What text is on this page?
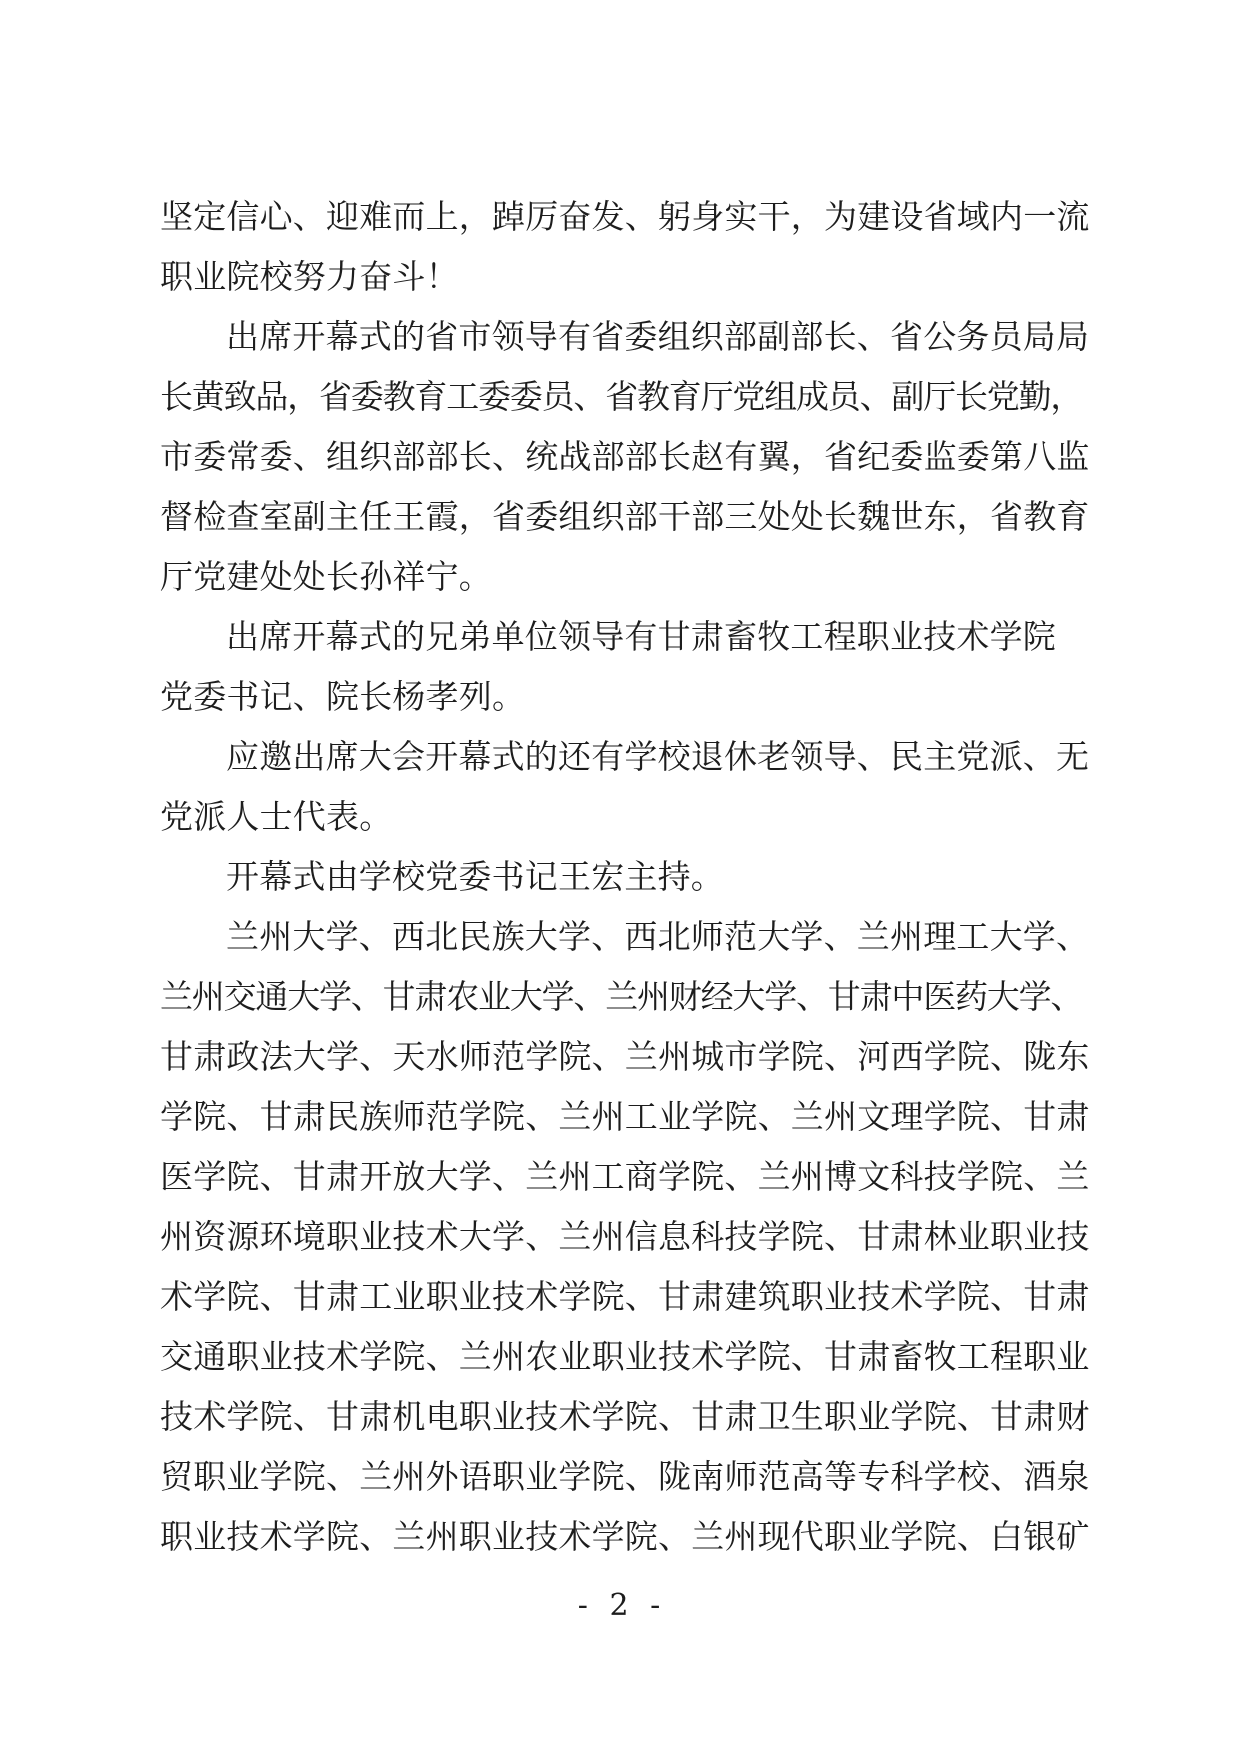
坚定信心、迎难而上，踔厉奋发、躬身实干，为建设省域内一流
职业院校努力奋斗！
出席开幕式的省市领导有省委组织部副部长、省公务员局局
长黄致品，省委教育工委委员、省教育厅党组成员、副厅长党勤，
市委常委、组织部部长、统战部部长赵有翼，省纪委监委第八监
督检查室副主任王霞，省委组织部干部三处处长魏世东，省教育
厅党建处处长孙祥宁。
出席开幕式的兄弟单位领导有甘肃畜牧工程职业技术学院
党委书记、院长杨孝列。
应邀出席大会开幕式的还有学校退休老领导、民主党派、无
党派人士代表。
开幕式由学校党委书记王宏主持。
兰州大学、西北民族大学、西北师范大学、兰州理工大学、
兰州交通大学、甘肃农业大学、兰州财经大学、甘肃中医药大学、
甘肃政法大学、天水师范学院、兰州城市学院、河西学院、陇东
学院、甘肃民族师范学院、兰州工业学院、兰州文理学院、甘肃
医学院、甘肃开放大学、兰州工商学院、兰州博文科技学院、兰
州资源环境职业技术大学、兰州信息科技学院、甘肃林业职业技
术学院、甘肃工业职业技术学院、甘肃建筑职业技术学院、甘肃
交通职业技术学院、兰州农业职业技术学院、甘肃畜牧工程职业
技术学院、甘肃机电职业技术学院、甘肃卫生职业学院、甘肃财
贸职业学院、兰州外语职业学院、陇南师范高等专科学校、酒泉
职业技术学院、兰州职业技术学院、兰州现代职业学院、白银矿
- 2 -
